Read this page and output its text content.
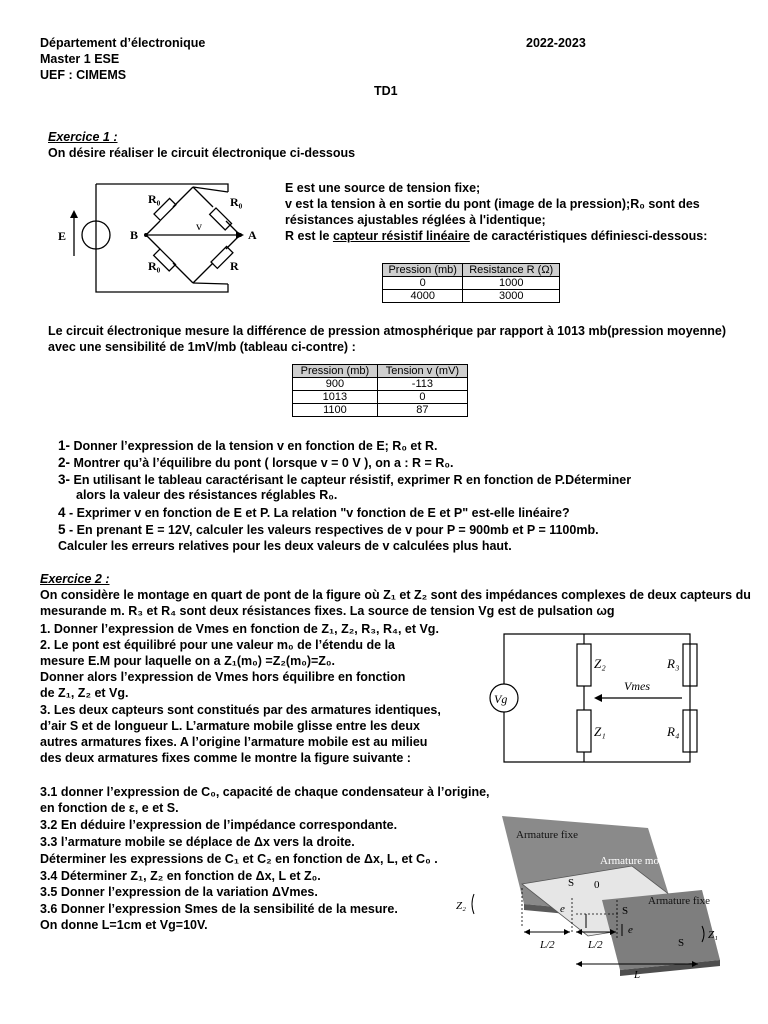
Département d’électronique	2022-2023
Master 1 ESE
UEF : CIMEMS
TD1
Exercice 1 :
On désire réaliser le circuit électronique ci-dessous
R₀	R₀
R₀	R
v
B	A
E
E est une source de tension fixe;
v est la tension à en sortie du pont (image de la pression);R₀ sont des
résistances ajustables réglées à l'identique;
R est le capteur résistif linéaire de caractéristiques définiesci-dessous:
Pression (mb)	Resistance R (Ω)
0	1000
4000	3000
Le circuit électronique mesure la différence de pression atmosphérique par rapport à 1013 mb(pression moyenne)
avec une sensibilité de 1mV/mb (tableau ci-contre) :
Pression (mb)	Tension v (mV)
900	-113
1013	0
1100	87
1- Donner l’expression de la tension v en fonction de E; R₀ et R.
2- Montrer qu’à l’équilibre du pont ( lorsque v = 0 V ), on a : R = R₀.
3- En utilisant le tableau caractérisant le capteur résistif, exprimer R en fonction de P.Déterminer
alors la valeur des résistances réglables R₀.
4 - Exprimer v en fonction de E et P. La relation "v fonction de E et P" est-elle linéaire?
5 - En prenant E = 12V, calculer les valeurs respectives de v pour P = 900mb et P = 1100mb.
Calculer les erreurs relatives pour les deux valeurs de v calculées plus haut.
Exercice 2 :
On considère le montage en quart de pont de la figure où Z₁ et Z₂ sont des impédances complexes de deux capteurs du
mesurande m. R₃ et R₄ sont deux résistances fixes. La source de tension Vg est de pulsation ωg
1. Donner l’expression de Vmes en fonction de Z₁, Z₂, R₃, R₄, et Vg.
2. Le pont est équilibré pour une valeur m₀ de l’étendu de la
mesure E.M pour laquelle on a Z₁(m₀) =Z₂(m₀)=Z₀.
Donner alors l’expression de Vmes hors équilibre en fonction
de Z₁, Z₂ et Vg.
3. Les deux capteurs sont constitués par des armatures identiques,
d’air S et de longueur L. L’armature mobile glisse entre les deux
autres armatures fixes. A l’origine l’armature mobile est au milieu
des deux armatures fixes comme le montre la figure suivante :
Vg
Z₂
Z₁
R₃
R₄
Vmes
3.1 donner l’expression de C₀, capacité de chaque condensateur à l’origine,
en fonction de ε, e et S.
3.2 En déduire l’expression de l’impédance correspondante.
3.3 l’armature mobile se déplace de Δx vers la droite.
Déterminer les expressions de C₁ et C₂ en fonction de Δx, L, et C₀ .
3.4 Déterminer Z₁, Z₂ en fonction de Δx, L et Z₀.
3.5 Donner l’expression de la variation ΔVmes.
3.6 Donner l’expression Smes de la sensibilité de la mesure.
On donne L=1cm et Vg=10V.
Armature fixe
Armature mobile
Armature fixe
S
S
S
0
e
e
L/2	L/2
L
Z₂
Z₁
